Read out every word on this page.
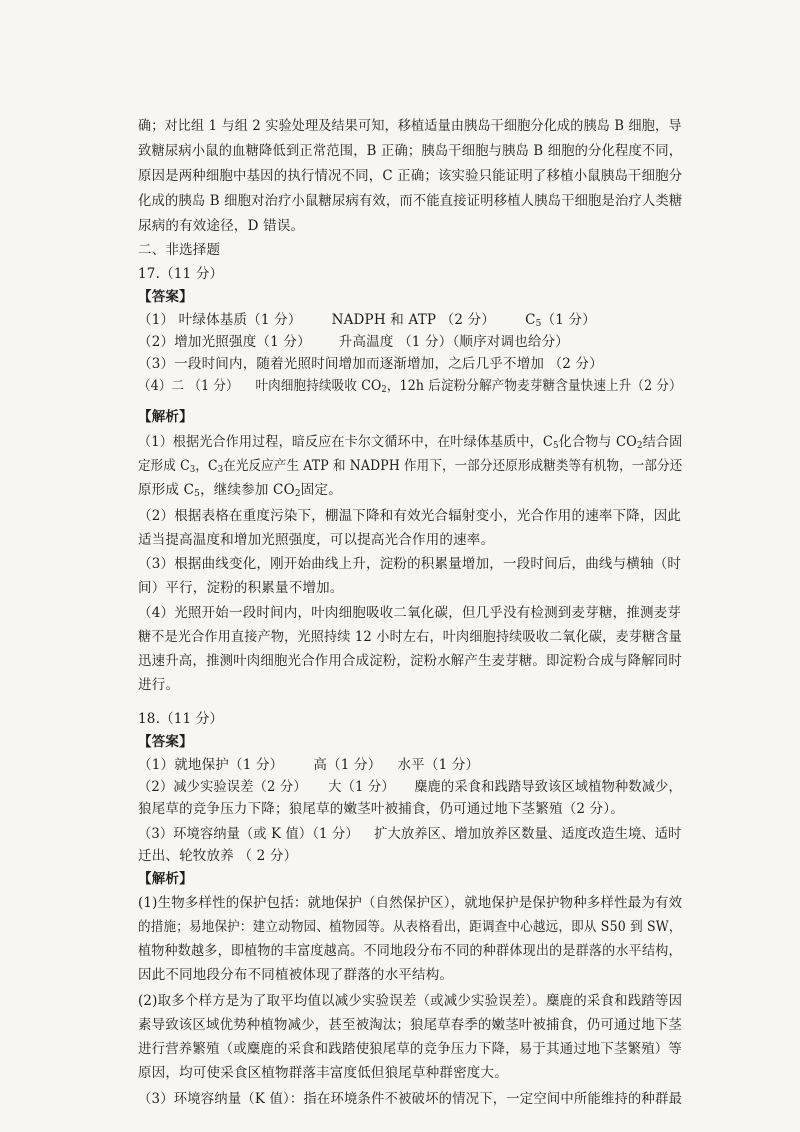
确；对比组 1 与组 2 实验处理及结果可知，移植适量由胰岛干细胞分化成的胰岛 B 细胞，导
致糖尿病小鼠的血糖降低到正常范围，B 正确；胰岛干细胞与胰岛 B 细胞的分化程度不同，
原因是两种细胞中基因的执行情况不同，C 正确；该实验只能证明了移植小鼠胰岛干细胞分
化成的胰岛 B 细胞对治疗小鼠糖尿病有效，而不能直接证明移植人胰岛干细胞是治疗人类糖
尿病的有效途径，D 错误。
二、非选择题
17.（11 分）
【答案】
（1） 叶绿体基质（1 分） NADPH 和 ATP （2 分） $C_5(1$ 分）
（2）增加光照强度（1 分） 升高温度 （1 分）（顺序对调也给分）
（3）一段时间内，随着光照时间增加而逐渐增加，之后几乎不增加 （2 分）
（4）二 （1 分） 叶肉细胞持续吸收 $CO_2$，12h 后淀粉分解产物麦芽糖含量快速上升（2 分）
【解析】
（1）根据光合作用过程，暗反应在卡尔文循环中，在叶绿体基质中，$C_5$化合物与 $CO_2$结合固
定形成 $C_3$，$C_3$在光反应产生 ATP 和 NADPH 作用下，一部分还原形成糖类等有机物，一部分还
原形成 $C_5$，继续参加 $CO_2$固定。
（2）根据表格在重度污染下，棚温下降和有效光合辐射变小，光合作用的速率下降，因此
适当提高温度和增加光照强度，可以提高光合作用的速率。
（3）根据曲线变化，刚开始曲线上升，淀粉的积累量增加，一段时间后，曲线与横轴（时
间）平行，淀粉的积累量不增加。
（4）光照开始一段时间内，叶肉细胞吸收二氧化碳，但几乎没有检测到麦芽糖，推测麦芽
糖不是光合作用直接产物，光照持续 12 小时左右，叶肉细胞持续吸收二氧化碳，麦芽糖含量
迅速升高，推测叶肉细胞光合作用合成淀粉，淀粉水解产生麦芽糖。即淀粉合成与降解同时
进行。
18.（11 分）
【答案】
（1）就地保护（1 分） 高（1 分） 水平（1 分）
（2）减少实验误差（2 分） 大（1 分） 麋鹿的采食和践踏导致该区域植物种数减少，
狼尾草的竞争压力下降；狼尾草的嫩茎叶被捕食，仍可通过地下茎繁殖（2 分）。
（3）环境容纳量（或 K 值）（1 分） 扩大放养区、增加放养区数量、适度改造生境、适时
迁出、轮牧放养 （ 2 分）
【解析】
(1)生物多样性的保护包括：就地保护（自然保护区），就地保护是保护物种多样性最为有效
的措施；易地保护：建立动物园、植物园等。从表格看出，距调查中心越远，即从 S50 到 SW，
植物种数越多，即植物的丰富度越高。不同地段分布不同的种群体现出的是群落的水平结构，
因此不同地段分布不同植被体现了群落的水平结构。
(2)取多个样方是为了取平均值以减少实验误差（或减少实验误差）。麋鹿的采食和践踏等因
素导致该区域优势种植物减少，甚至被淘汰；狼尾草春季的嫩茎叶被捕食，仍可通过地下茎
进行营养繁殖（或麋鹿的采食和践踏使狼尾草的竞争压力下降，易于其通过地下茎繁殖）等
原因，均可使采食区植物群落丰富度低但狼尾草种群密度大。
（3）环境容纳量（K 值）：指在环境条件不被破坏的情况下，一定空间中所能维持的种群最
